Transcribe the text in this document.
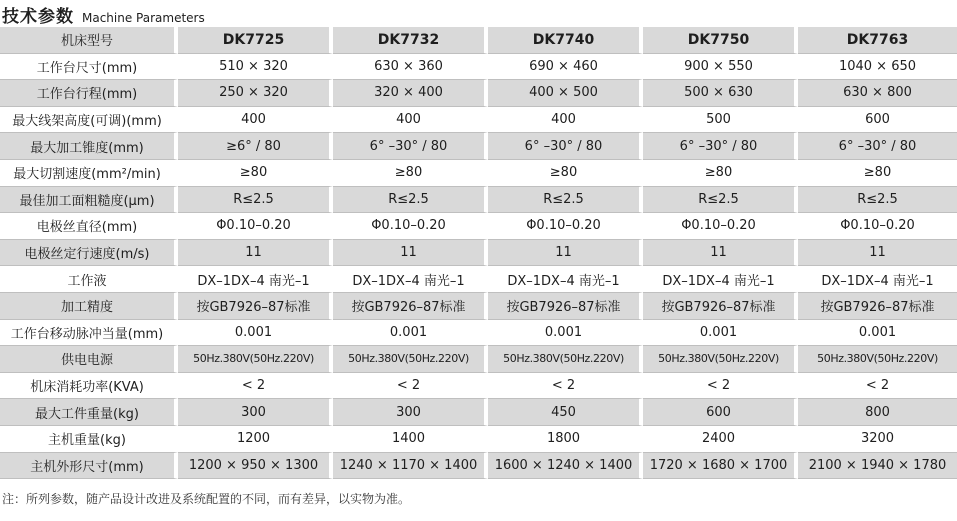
技术参数 Machine Parameters
机床型号	DK7725	DK7732	DK7740	DK7750	DK7763
工作台尺寸(mm)	510 × 320	630 × 360	690 × 460	900 × 550	1040 × 650
工作台行程(mm)	250 × 320	320 × 400	400 × 500	500 × 630	630 × 800
最大线架高度(可调)(mm)	400	400	400	500	600
最大加工锥度(mm)	≥6° / 80	6° –30° / 80	6° –30° / 80	6° –30° / 80	6° –30° / 80
最大切割速度(mm²/min)	≥80	≥80	≥80	≥80	≥80
最佳加工面粗糙度(μm)	R≤2.5	R≤2.5	R≤2.5	R≤2.5	R≤2.5
电极丝直径(mm)	Φ0.10–0.20	Φ0.10–0.20	Φ0.10–0.20	Φ0.10–0.20	Φ0.10–0.20
电极丝定行速度(m/s)	11	11	11	11	11
工作液	DX–1DX–4 南光–1	DX–1DX–4 南光–1	DX–1DX–4 南光–1	DX–1DX–4 南光–1	DX–1DX–4 南光–1
加工精度	按GB7926–87标准	按GB7926–87标准	按GB7926–87标准	按GB7926–87标准	按GB7926–87标准
工作台移动脉冲当量(mm)	0.001	0.001	0.001	0.001	0.001
供电电源	50Hz.380V(50Hz.220V)	50Hz.380V(50Hz.220V)	50Hz.380V(50Hz.220V)	50Hz.380V(50Hz.220V)	50Hz.380V(50Hz.220V)
机床消耗功率(KVA)	< 2	< 2	< 2	< 2	< 2
最大工件重量(kg)	300	300	450	600	800
主机重量(kg)	1200	1400	1800	2400	3200
主机外形尺寸(mm)	1200 × 950 × 1300	1240 × 1170 × 1400	1600 × 1240 × 1400	1720 × 1680 × 1700	2100 × 1940 × 1780
注：所列参数，随产品设计改进及系统配置的不同，而有差异，以实物为准。
